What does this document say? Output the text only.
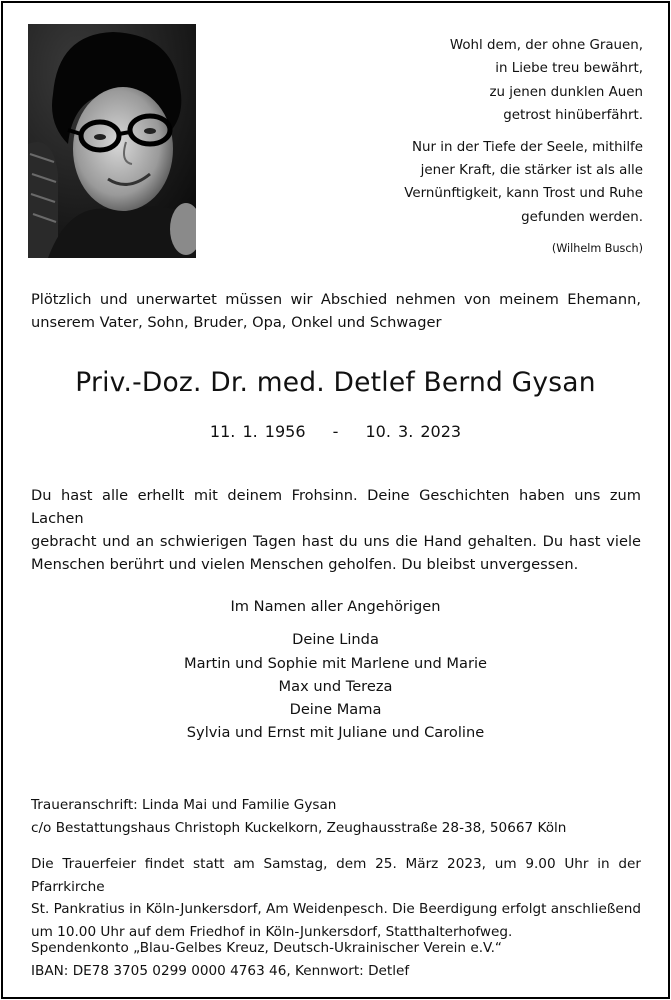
Wohl dem, der ohne Grauen,
in Liebe treu bewährt,
zu jenen dunklen Auen
getrost hinüberfährt.
Nur in der Tiefe der Seele, mithilfe
jener Kraft, die stärker ist als alle
Vernünftigkeit, kann Trost und Ruhe
gefunden werden.
(Wilhelm Busch)
Plötzlich und unerwartet müssen wir Abschied nehmen von meinem Ehemann,
unserem Vater, Sohn, Bruder, Opa, Onkel und Schwager
Priv.-Doz. Dr. med. Detlef Bernd Gysan
11. 1. 1956 - 10. 3. 2023
Du hast alle erhellt mit deinem Frohsinn. Deine Geschichten haben uns zum Lachen
gebracht und an schwierigen Tagen hast du uns die Hand gehalten. Du hast viele
Menschen berührt und vielen Menschen geholfen. Du bleibst unvergessen.
Im Namen aller Angehörigen
Deine Linda
Martin und Sophie mit Marlene und Marie
Max und Tereza
Deine Mama
Sylvia und Ernst mit Juliane und Caroline
Traueranschrift: Linda Mai und Familie Gysan
c/o Bestattungshaus Christoph Kuckelkorn, Zeughausstraße 28-38, 50667 Köln
Die Trauerfeier findet statt am Samstag, dem 25. März 2023, um 9.00 Uhr in der Pfarrkirche
St. Pankratius in Köln-Junkersdorf, Am Weidenpesch. Die Beerdigung erfolgt anschließend
um 10.00 Uhr auf dem Friedhof in Köln-Junkersdorf, Statthalterhofweg.
Spendenkonto „Blau-Gelbes Kreuz, Deutsch-Ukrainischer Verein e.V.“
IBAN: DE78 3705 0299 0000 4763 46, Kennwort: Detlef
